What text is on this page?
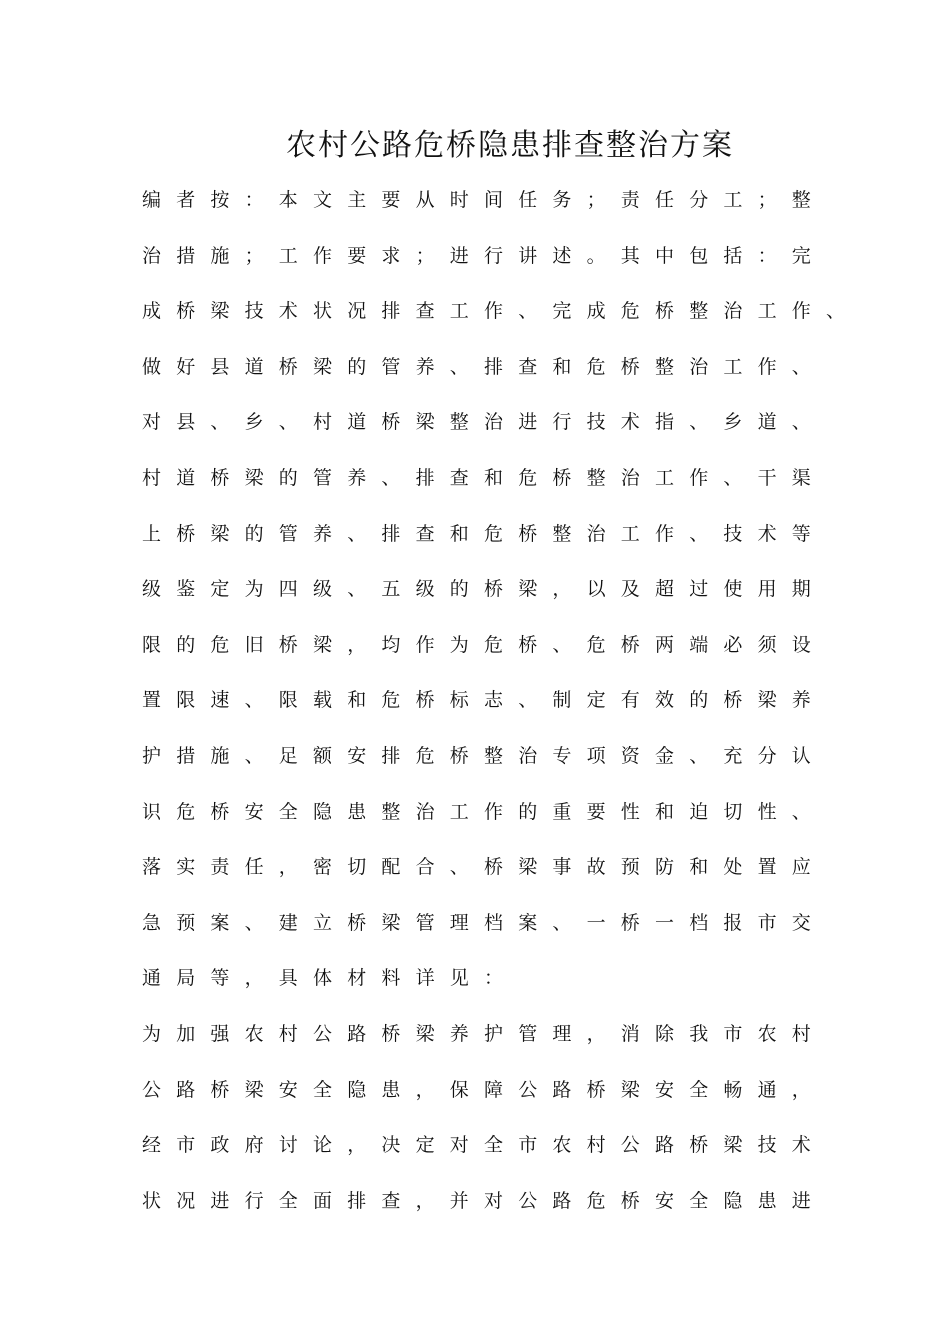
农村公路危桥隐患排查整治方案
编者按：本文主要从时间任务；责任分工；整
治措施；工作要求；进行讲述。其中包括：完
成桥梁技术状况排查工作、完成危桥整治工作、
做好县道桥梁的管养、排查和危桥整治工作、
对县、乡、村道桥梁整治进行技术指、乡道、
村道桥梁的管养、排查和危桥整治工作、干渠
上桥梁的管养、排查和危桥整治工作、技术等
级鉴定为四级、五级的桥梁，以及超过使用期
限的危旧桥梁，均作为危桥、危桥两端必须设
置限速、限载和危桥标志、制定有效的桥梁养
护措施、足额安排危桥整治专项资金、充分认
识危桥安全隐患整治工作的重要性和迫切性、
落实责任，密切配合、桥梁事故预防和处置应
急预案、建立桥梁管理档案、一桥一档报市交
通局等，具体材料详见：
为加强农村公路桥梁养护管理，消除我市农村
公路桥梁安全隐患，保障公路桥梁安全畅通，
经市政府讨论，决定对全市农村公路桥梁技术
状况进行全面排查，并对公路危桥安全隐患进
